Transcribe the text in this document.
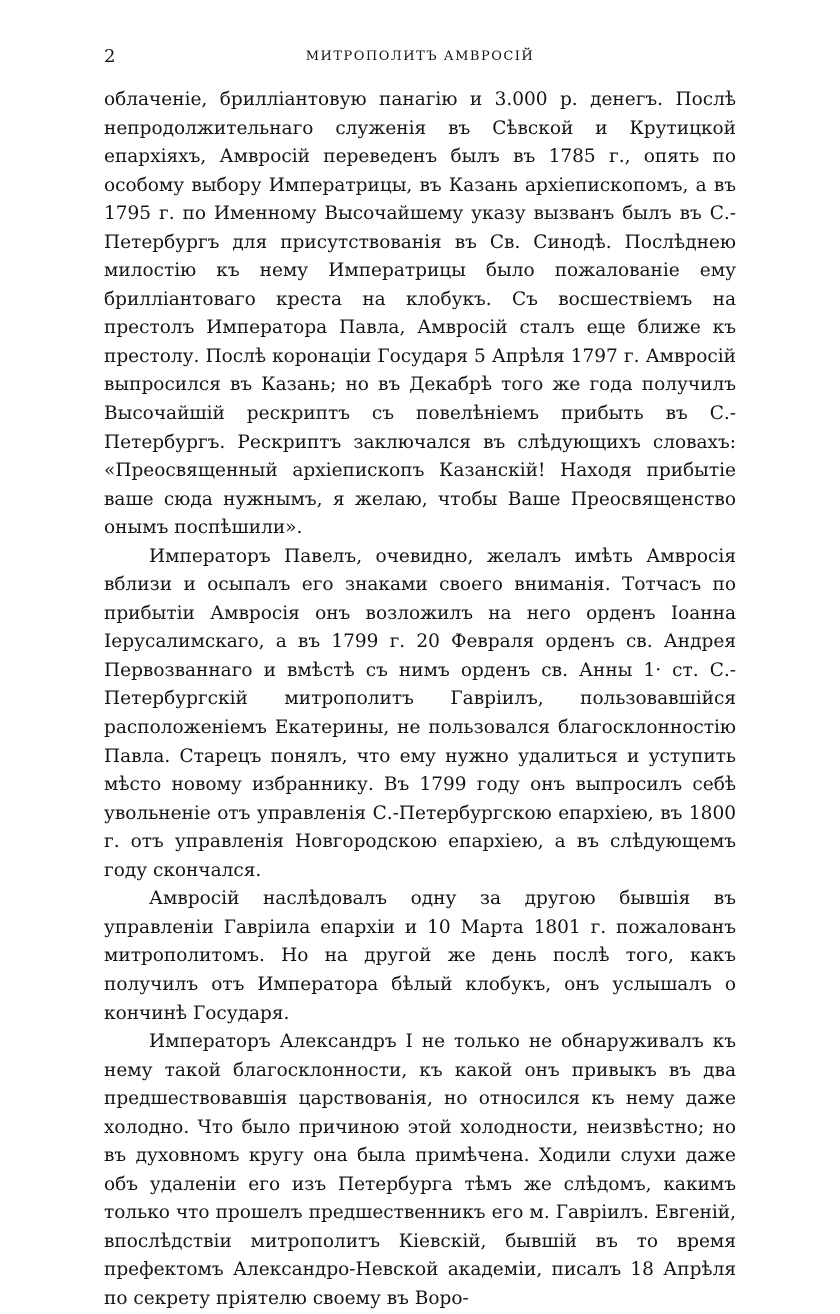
2	МИТРОПОЛИТЪ АМВРОСІЙ

облаченіе, бриллiантовую панагію и 3.000 р. денегъ. Послѣ непродолжительнаго служенія въ Сѣвской и Крутицкой епархіяхъ, Амвросій переведенъ былъ въ 1785 г., опять по особому выбору Императрицы, въ Казань архіепископомъ, а въ 1795 г. по Именному Высочайшему указу вызванъ былъ въ С.-Петербургъ для присутствованія въ Св. Синодѣ. Послѣднею милостію къ нему Императрицы было пожалованіе ему бриллiантоваго креста на клобукъ. Съ восшествіемъ на престолъ Императора Павла, Амвросій сталъ еще ближе къ престолу. Послѣ коронаціи Государя 5 Апрѣля 1797 г. Амвросій выпросился въ Казань; но въ Декабрѣ того же года получилъ Высочайшій рескриптъ съ повелѣніемъ прибыть въ С.-Петербургъ. Рескриптъ заключался въ слѣдующихъ словахъ: «Преосвященный архіепископъ Казанскій! Находя прибытіе ваше сюда нужнымъ, я желаю, чтобы Ваше Преосвященство онымъ поспѣшили».

Императоръ Павелъ, очевидно, желалъ имѣть Амвросія вблизи и осыпалъ его знаками своего вниманія. Тотчасъ по прибытіи Амвросія онъ возложилъ на него орденъ Іоанна Іерусалимскаго, а въ 1799 г. 20 Февраля орденъ св. Андрея Первозваннаго и вмѣстѣ съ нимъ орденъ св. Анны 1· ст. С.-Петербургскій митрополитъ Гавріилъ, пользовавшійся расположеніемъ Екатерины, не пользовался благосклонностію Павла. Старецъ понялъ, что ему нужно удалиться и уступить мѣсто новому избраннику. Въ 1799 году онъ выпросилъ себѣ увольненіе отъ управленія С.-Петербургскою епархіею, въ 1800 г. отъ управленія Новгородскою епархіею, а въ слѣдующемъ году скончался.

Амвросій наслѣдовалъ одну за другою бывшія въ управленіи Гавріила епархіи и 10 Марта 1801 г. пожалованъ митрополитомъ. Но на другой же день послѣ того, какъ получилъ отъ Императора бѣлый клобукъ, онъ услышалъ о кончинѣ Государя.

Императоръ Александръ I не только не обнаруживалъ къ нему такой благосклонности, къ какой онъ привыкъ въ два предшествовавшія царствованія, но относился къ нему даже холодно. Что было причиною этой холодности, неизвѣстно; но въ духовномъ кругу она была примѣчена. Ходили слухи даже объ удаленіи его изъ Петербурга тѣмъ же слѣдомъ, какимъ только что прошелъ предшественникъ его м. Гавріилъ. Евгеній, впослѣдствіи митрополитъ Кіевскій, бывшій въ то время префектомъ Александро-Невской академіи, писалъ 18 Апрѣля по секрету пріятелю своему въ Воро-
